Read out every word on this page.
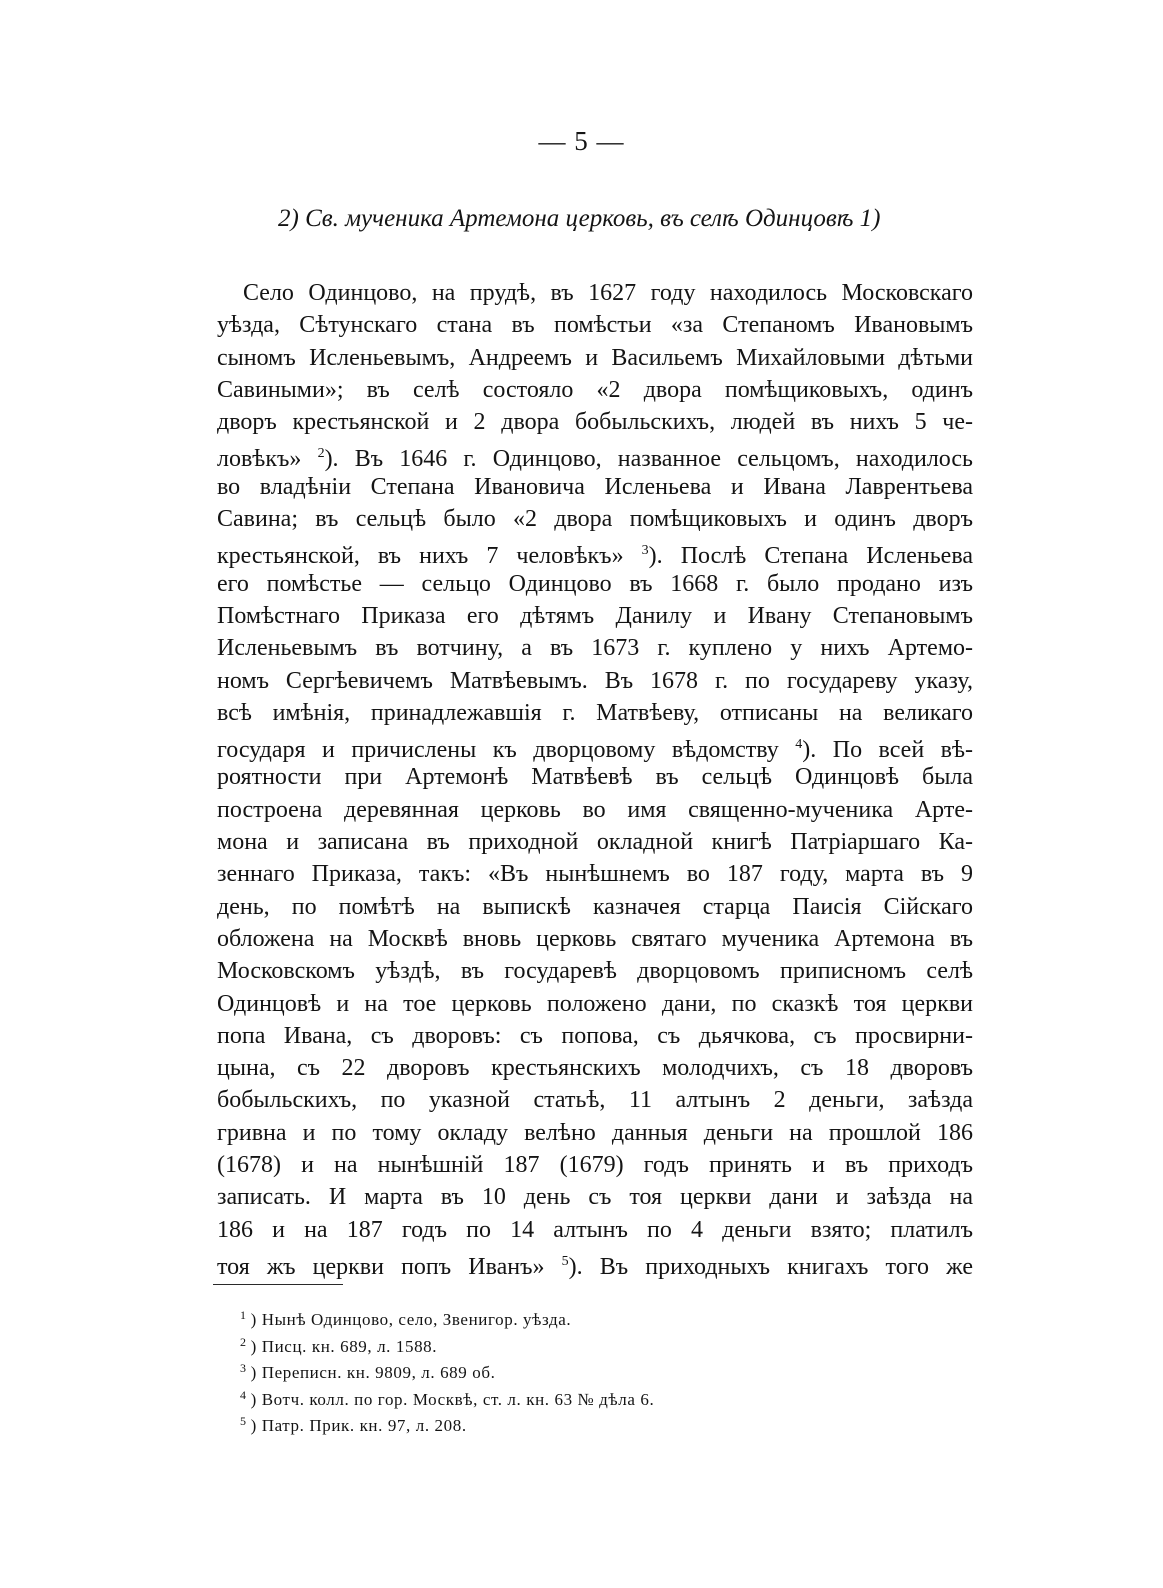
— 5 —
2) Св. мученика Артемона церковь, въ селѣ Одинцовѣ 1)
Село Одинцово, на прудѣ, въ 1627 году находилось Московскаго
уѣзда, Сѣтунскаго стана въ помѣстьи «за Степаномъ Ивановымъ
сыномъ Исленьевымъ, Андреемъ и Васильемъ Михайловыми дѣтьми
Савиными»; въ селѣ состояло «2 двора помѣщиковыхъ, одинъ
дворъ крестьянской и 2 двора бобыльскихъ, людей въ нихъ 5 че-
ловѣкъ» $^2$). Въ 1646 г. Одинцово, названное сельцомъ, находилось
во владѣніи Степана Ивановича Исленьева и Ивана Лаврентьева
Савина; въ сельцѣ было «2 двора помѣщиковыхъ и одинъ дворъ
крестьянской, въ нихъ 7 человѣкъ» $^3$). Послѣ Степана Исленьева
его помѣстье — сельцо Одинцово въ 1668 г. было продано изъ
Помѣстнаго Приказа его дѣтямъ Данилу и Ивану Степановымъ
Исленьевымъ въ вотчину, а въ 1673 г. куплено у нихъ Артемо-
номъ Сергѣевичемъ Матвѣевымъ. Въ 1678 г. по государеву указу,
всѣ имѣнія, принадлежавшія г. Матвѣеву, отписаны на великаго
государя и причислены къ дворцовому вѣдомству $^4$). По всей вѣ-
роятности при Артемонѣ Матвѣевѣ въ сельцѣ Одинцовѣ была
построена деревянная церковь во имя священно-мученика Арте-
мона и записана въ приходной окладной книгѣ Патріаршаго Ка-
зеннаго Приказа, такъ: «Въ нынѣшнемъ во 187 году, марта въ 9
день, по помѣтѣ на выпискѣ казначея старца Паисія Сійскаго
обложена на Москвѣ вновь церковь святаго мученика Артемона въ
Московскомъ уѣздѣ, въ государевѣ дворцовомъ приписномъ селѣ
Одинцовѣ и на тое церковь положено дани, по сказкѣ тоя церкви
попа Ивана, съ дворовъ: съ попова, съ дьячкова, съ просвирни-
цына, съ 22 дворовъ крестьянскихъ молодчихъ, съ 18 дворовъ
бобыльскихъ, по указной статьѣ, 11 алтынъ 2 деньги, заѣзда
гривна и по тому окладу велѣно данныя деньги на прошлой 186
(1678) и на нынѣшній 187 (1679) годъ принять и въ приходъ
записать. И марта въ 10 день съ тоя церкви дани и заѣзда на
186 и на 187 годъ по 14 алтынъ по 4 деньги взято; платилъ
тоя жъ церкви попъ Иванъ» $^5$). Въ приходныхъ книгахъ того же
$^1$ ) Нынѣ Одинцово, село, Звенигор. уѣзда.
$^2$ ) Писц. кн. 689, л. 1588.
$^3$ ) Переписн. кн. 9809, л. 689 об.
$^4$ ) Вотч. колл. по гор. Москвѣ, ст. л. кн. 63 № дѣла 6.
$^5$ ) Патр. Прик. кн. 97, л. 208.
